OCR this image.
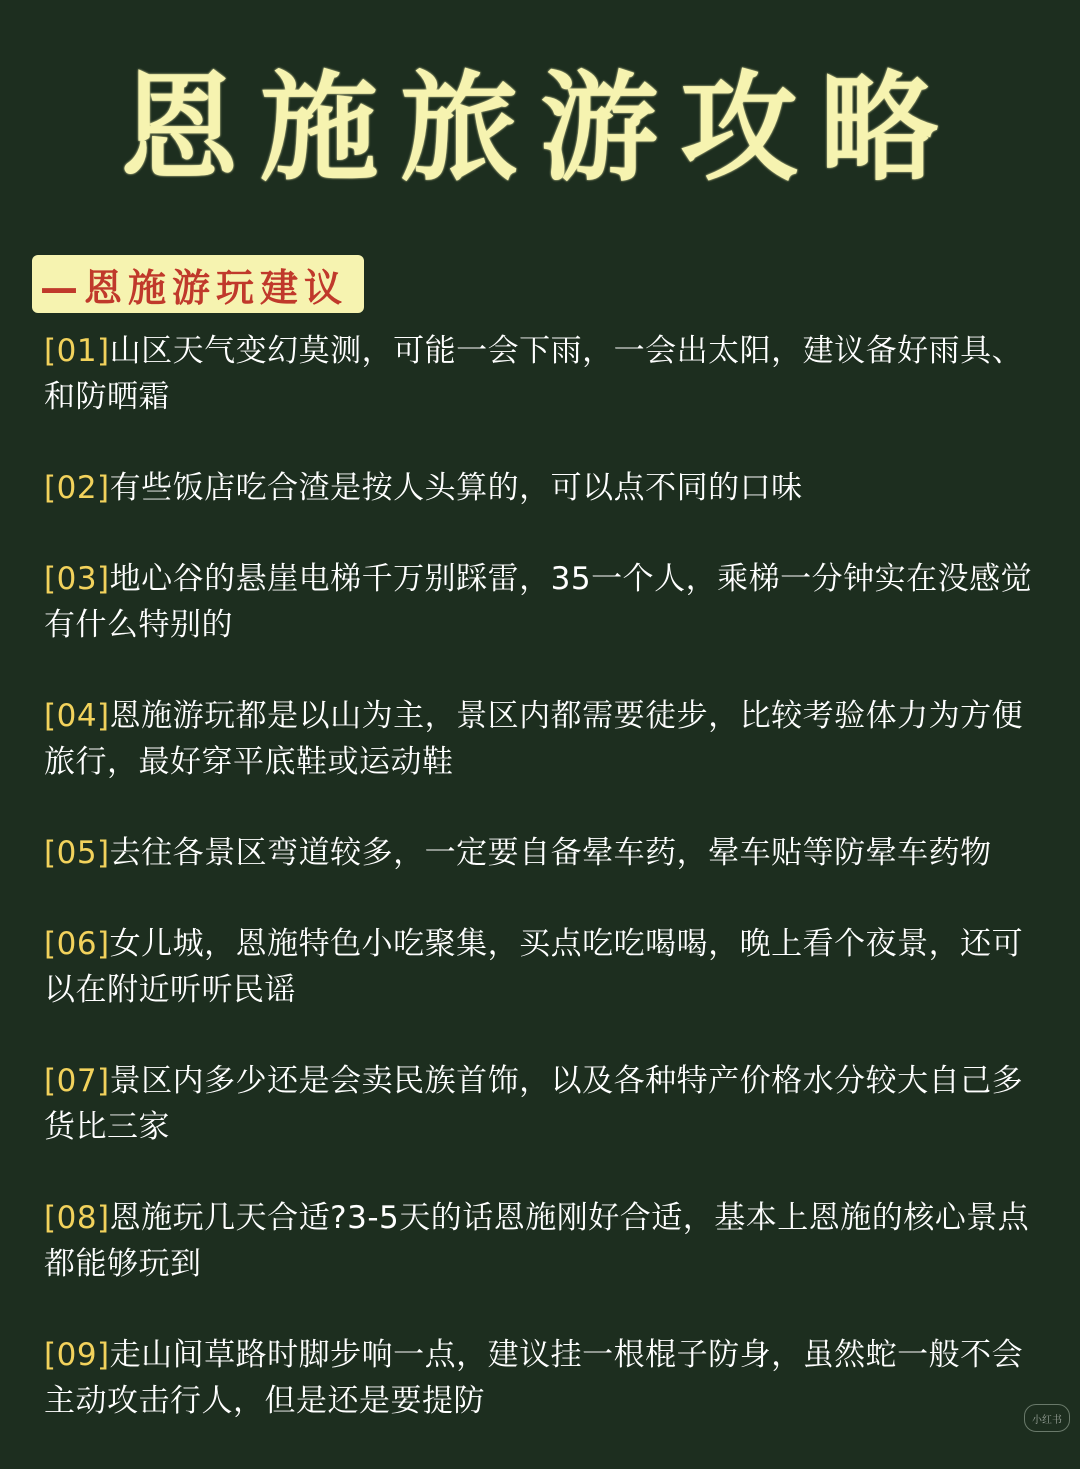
恩施旅游攻略
—恩施游玩建议
[01]山区天气变幻莫测，可能一会下雨，一会出太阳，建议备好雨具、和防晒霜
[02]有些饭店吃合渣是按人头算的，可以点不同的口味
[03]地心谷的悬崖电梯千万别踩雷，35一个人，乘梯一分钟实在没感觉有什么特别的
[04]恩施游玩都是以山为主，景区内都需要徒步，比较考验体力为方便旅行，最好穿平底鞋或运动鞋
[05]去往各景区弯道较多，一定要自备晕车药，晕车贴等防晕车药物
[06]女儿城，恩施特色小吃聚集，买点吃吃喝喝，晚上看个夜景，还可以在附近听听民谣
[07]景区内多少还是会卖民族首饰，以及各种特产价格水分较大自己多货比三家
[08]恩施玩几天合适?3-5天的话恩施刚好合适，基本上恩施的核心景点都能够玩到
[09]走山间草路时脚步响一点，建议挂一根棍子防身，虽然蛇一般不会主动攻击行人，但是还是要提防
小红书
